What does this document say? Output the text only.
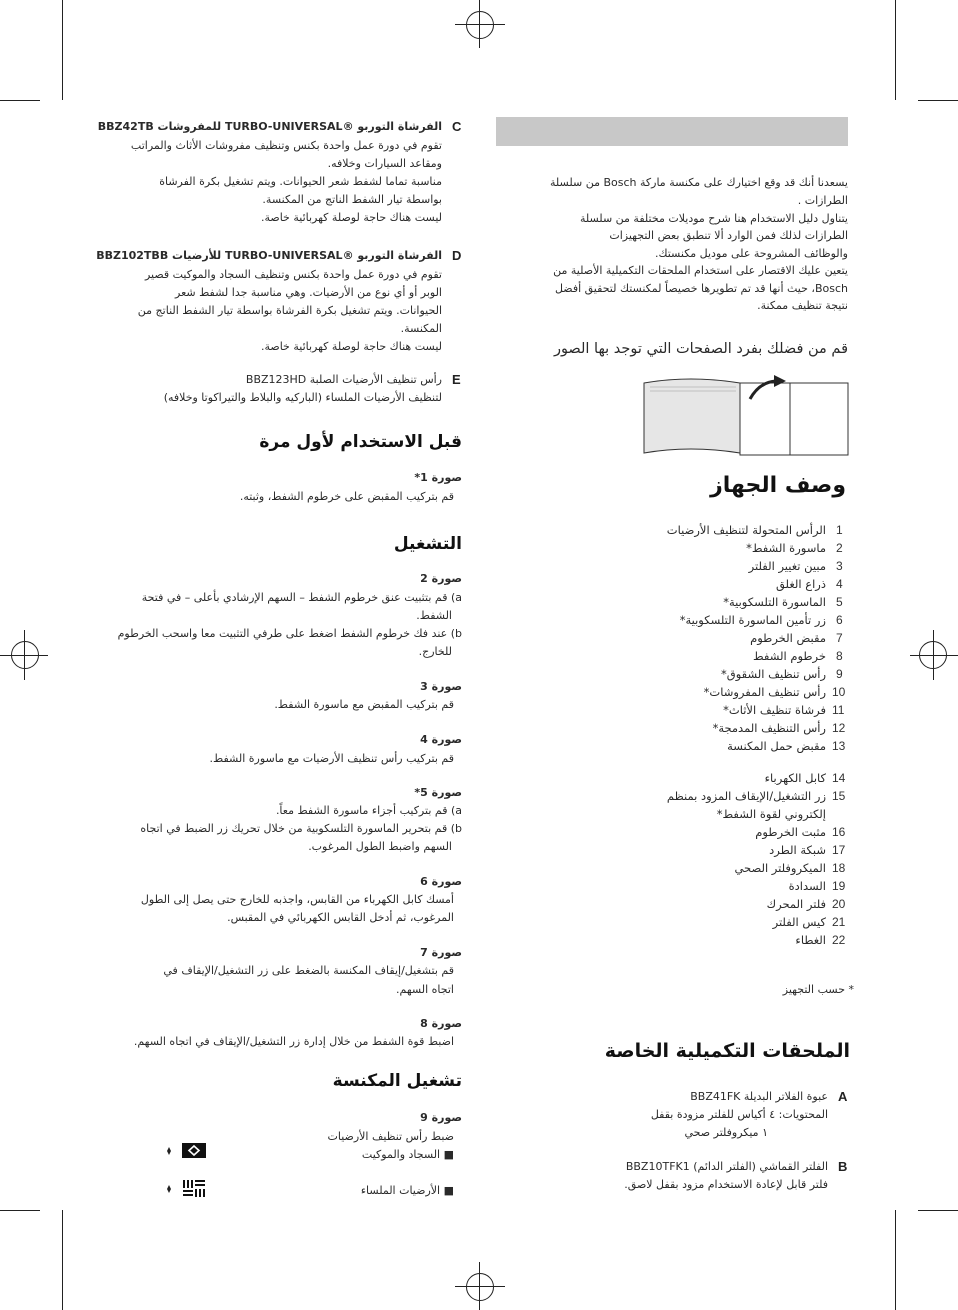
يسعدنا أنك قد وقع اختيارك على مكنسة ماركة Bosch من سلسلة
الطرازات .
يتناول دليل الاستخدام هنا شرح موديلات مختلفة من سلسلة
الطرازات لذلك فمن الوارد ألا تنطبق بعض التجهيزات
والوظائف المشروحة على موديل مكنستك.
يتعين عليك الاقتصار على استخدام الملحقات التكميلية الأصلية من
Bosch، حيث أنها قد تم تطويرها خصيصاً لمكنستك لتحقيق أفضل
نتيجة تنظيف ممكنة.
قم من فضلك بفرد الصفحات التي توجد بها الصور
وصف الجهاز
1
الرأس المتحولة لتنظيف الأرضيات
2
ماسورة الشفط*
3
مبين تغيير الفلتر
4
ذراع الغلق
5
الماسورة التلسكوبية*
6
زر تأمين الماسورة التلسكوبية*
7
مقبض الخرطوم
8
خرطوم الشفط
9
رأس تنظيف الشقوق*
10
رأس تنظيف المفروشات*
11
فرشاة تنظيف الأثاث*
12
رأس التنظيف المدمجة*
13
مقبض حمل المكنسة
14
كابل الكهرباء
15
زر التشغيل/الإيقاف المزود بمنظم
إلكتروني لقوة الشفط*
16
مثبت الخرطوم
17
شبكة الطرد
18
الميكروفلتر الصحي
19
السدادة
20
فلتر المحرك
21
كيس الفلتر
22
الغطاء
* حسب التجهيز
الملحقات التكميلية الخاصة
A
عبوة الفلاتر البديلة BBZ41FK
المحتويات: ٤ أكياس للفلتر مزودة بقفل
١ ميكروفلتر صحي
B
الفلتر القماشي (الفلتر الدائم) BBZ10TFK1
فلتر قابل لإعادة الاستخدام مزود بقفل لاصق.
C
الفرشاة التوربو ®TURBO-UNIVERSAL للمفروشات BBZ42TB
تقوم في دورة عمل واحدة بكنس وتنظيف مفروشات الأثاث والمراتب
ومقاعد السيارات وخلافه.
مناسبة تماما لشفط شعر الحيوانات. ويتم تشغيل بكرة الفرشاة
بواسطة تيار الشفط الناتج من المكنسة.
ليست هناك حاجة لوصلة كهربائية خاصة.
D
الفرشاة التوربو ®TURBO-UNIVERSAL للأرضيات BBZ102TBB
تقوم في دورة عمل واحدة بكنس وتنظيف السجاد والموكيت قصير
الوبر أو أي نوع من الأرضيات. وهي مناسبة جدا لشفط شعر
الحيوانات. ويتم تشغيل بكرة الفرشاة بواسطة تيار الشفط الناتج من
المكنسة.
ليست هناك حاجة لوصلة كهربائية خاصة.
E
رأس تنظيف الأرضيات الصلبة BBZ123HD
لتنظيف الأرضيات الملساء (الباركيه والبلاط والتيراكوتا وخلافه)
قبل الاستخدام لأول مرة
صورة 1*
قم بتركيب المقبض على خرطوم الشفط، وثبته.
التشغيل
صورة 2
a) قم بتثبيت عنق خرطوم الشفط – السهم الإرشادي بأعلى – في فتحة
الشفط.
b) عند فك خرطوم الشفط اضغط على طرفي التثبيت معا واسحب الخرطوم
للخارج.
صورة 3
قم بتركيب المقبض مع ماسورة الشفط.
صورة 4
قم بتركيب رأس تنظيف الأرضيات مع ماسورة الشفط.
صورة 5*
a) قم بتركيب أجزاء ماسورة الشفط معاً.
b) قم بتحرير الماسورة التلسكوبية من خلال تحريك زر الضبط في اتجاه
السهم واضبط الطول المرغوب.
صورة 6
أمسك كابل الكهرباء من القابس، واجذبه للخارج حتى يصل إلى الطول
المرغوب، ثم أدخل القابس الكهربائي في المقبس.
صورة 7
قم بتشغيل/إيقاف المكنسة بالضغط على زر التشغيل/الإيقاف في
اتجاه السهم.
صورة 8
اضبط قوة الشفط من خلال إدارة زر التشغيل/الإيقاف في اتجاه السهم.
تشغيل المكنسة
صورة 9
ضبط رأس تنظيف الأرضيات
■ السجاد والموكيت
■ الأرضيات الملساء
